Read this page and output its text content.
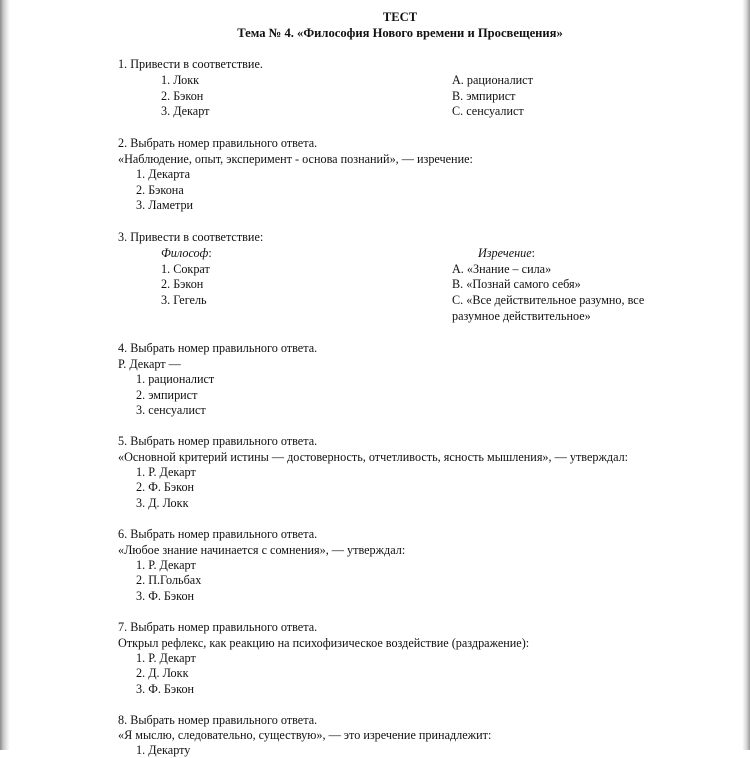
ТЕСТ
Тема № 4. «Философия Нового времени и Просвещения»
1. Привести в соответствие.
1. Локк
2. Бэкон
3. Декарт
A. рационалист
B. эмпирист
C. сенсуалист
2. Выбрать номер правильного ответа.
«Наблюдение, опыт, эксперимент - основа познаний», — изречение:
1. Декарта
2. Бэкона
3. Ламетри
3. Привести в соответствие:
Философ:	Изречение:
1. Сократ
2. Бэкон
3. Гегель
A. «Знание – сила»
B. «Познай самого себя»
C. «Все действительное разумно, все
разумное действительное»
4. Выбрать номер правильного ответа.
Р. Декарт —
1. рационалист
2. эмпирист
3. сенсуалист
5. Выбрать номер правильного ответа.
«Основной критерий истины — достоверность, отчетливость, ясность мышления», — утверждал:
1. Р. Декарт
2. Ф. Бэкон
3. Д. Локк
6. Выбрать номер правильного ответа.
«Любое знание начинается с сомнения», — утверждал:
1. Р. Декарт
2. П.Гольбах
3. Ф. Бэкон
7. Выбрать номер правильного ответа.
Открыл рефлекс, как реакцию на психофизическое воздействие (раздражение):
1. Р. Декарт
2. Д. Локк
3. Ф. Бэкон
8. Выбрать номер правильного ответа.
«Я мыслю, следовательно, существую», — это изречение принадлежит:
1. Декарту
